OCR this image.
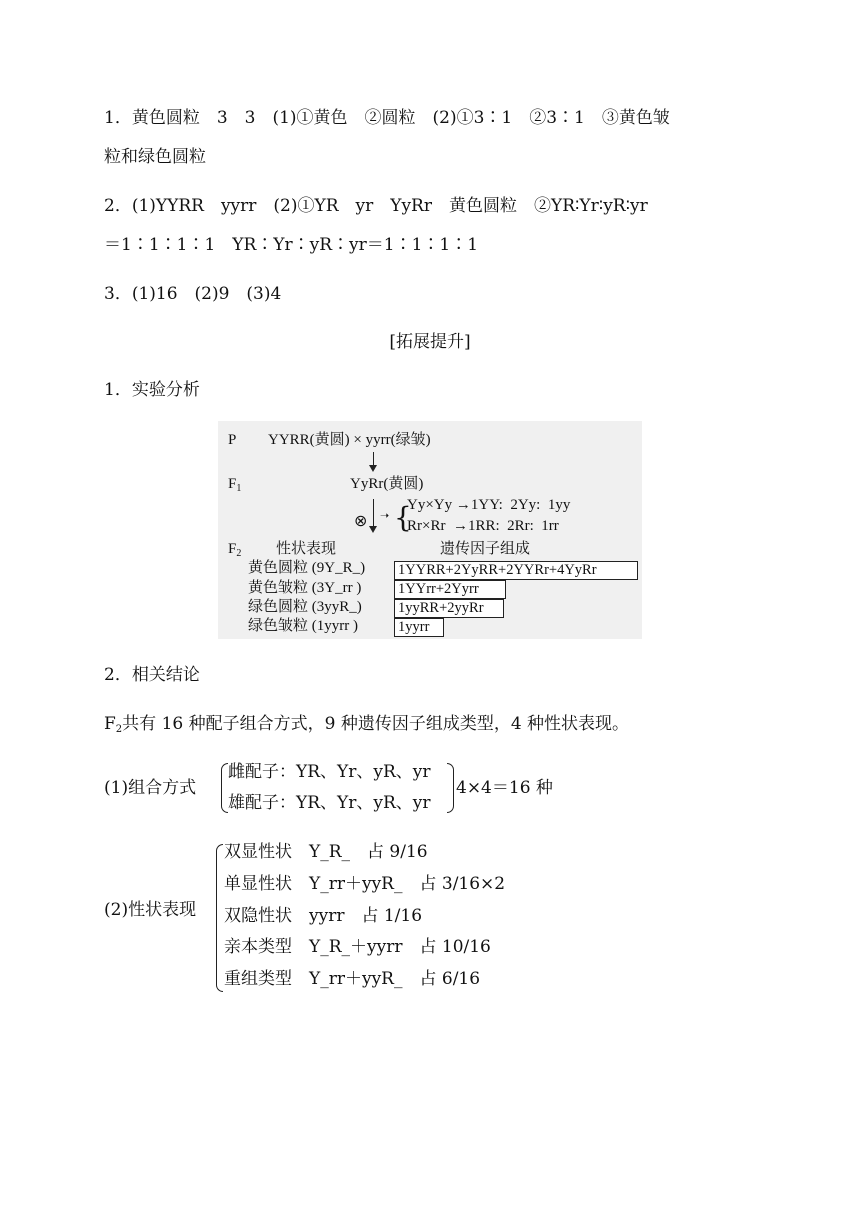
1．黄色圆粒　3　3　(1)①黄色　②圆粒　(2)①3∶1　②3∶1　③黄色皱
粒和绿色圆粒
2．(1)YYRR　yyrr　(2)①YR　yr　YyRr　黄色圆粒　②YR∶Yr∶yR∶yr
＝1∶1∶1∶1　YR∶Yr∶yR∶yr＝1∶1∶1∶1
3．(1)16　(2)9　(3)4
[拓展提升]
1．实验分析
P YYRR(黄圆) × yyrr(绿皱)
$F_1$	YyRr(黄圆)
⊗ ➝ {
Yy×Yy →1YY:  2Yy:  1yy
Rr×Rr  →1RR:  2Rr:  1rr
$F_2$ 性状表现	遗传因子组成
黄色圆粒 (9Y_R_)
黄色皱粒 (3Y_rr )
绿色圆粒 (3yyR_)
绿色皱粒 (1yyrr )
1YYRR+2YyRR+2YYRr+4YyRr
1YYrr+2Yyrr
1yyRR+2yyRr
1yyrr
2．相关结论
$F_2$共有 16 种配子组合方式，9 种遗传因子组成类型，4 种性状表现。
(1)组合方式
雌配子：YR、Yr、yR、yr
雄配子：YR、Yr、yR、yr
4×4＝16 种
(2)性状表现
双显性状　Y_R_　占 9/16
单显性状　Y_rr＋yyR_　占 3/16×2
双隐性状　yyrr　占 1/16
亲本类型　Y_R_＋yyrr　占 10/16
重组类型　Y_rr＋yyR_　占 6/16
